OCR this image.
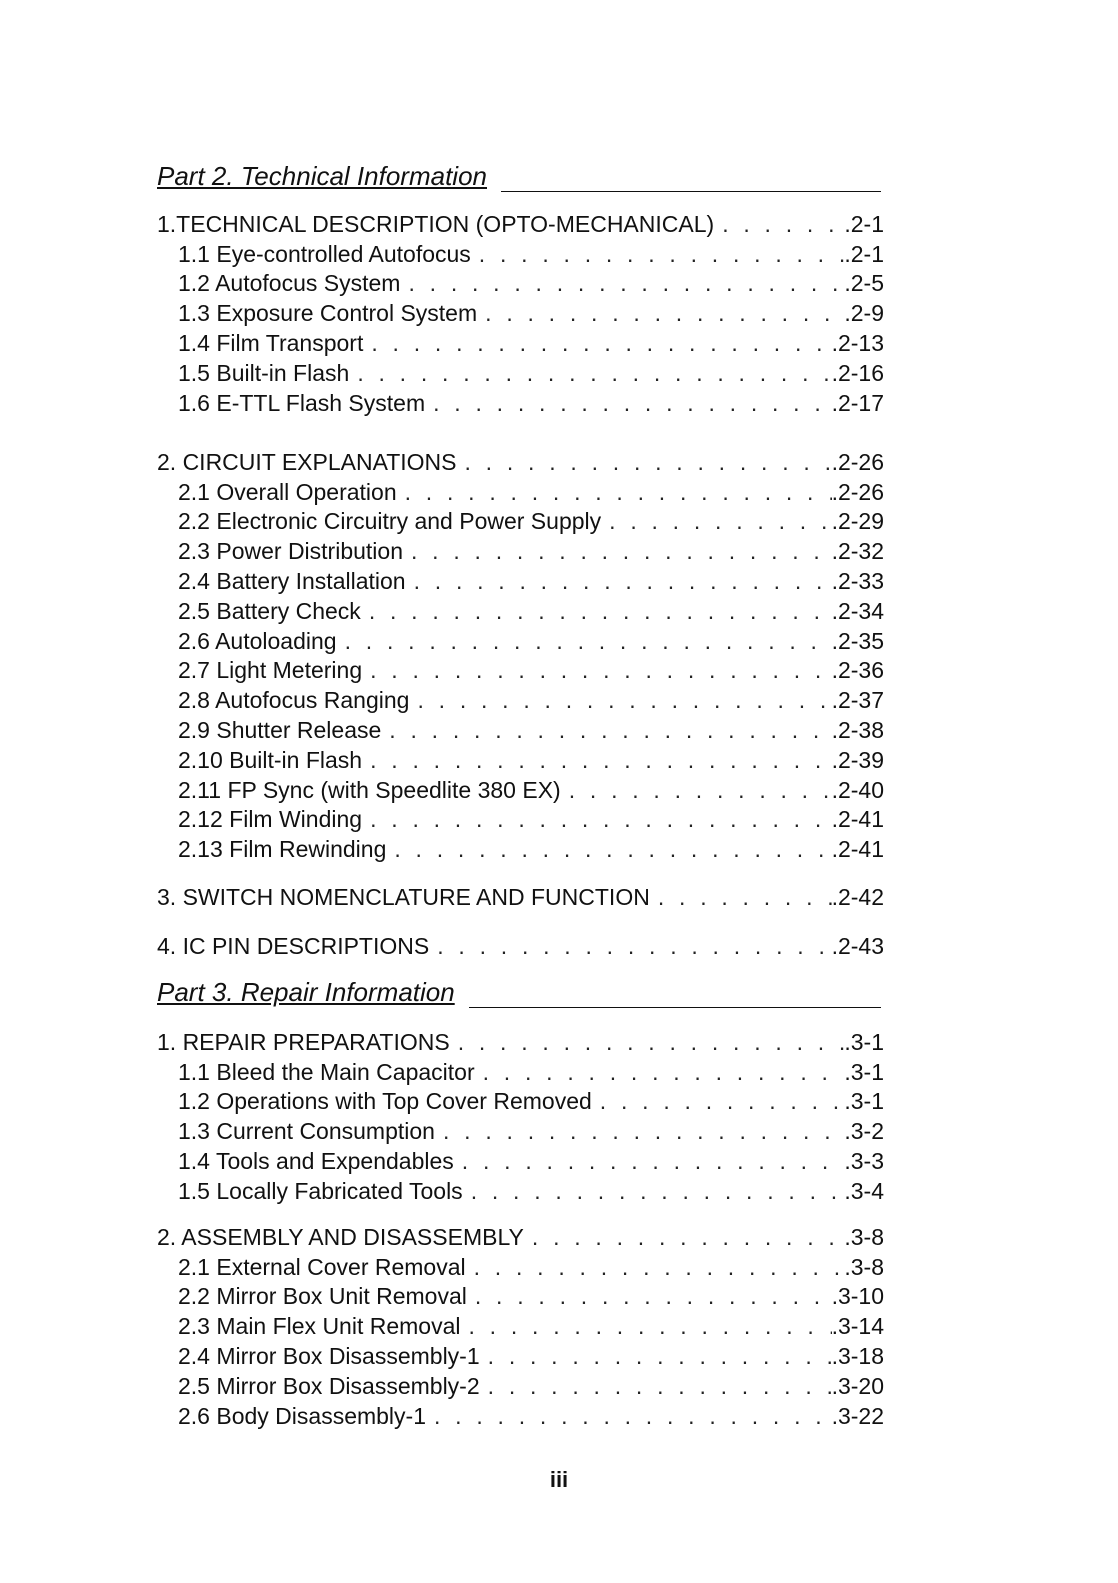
Part 2. Technical Information
1.TECHNICAL DESCRIPTION (OPTO-MECHANICAL) . . .	.2-1
1.1 Eye-controlled Autofocus . . .	.2-1
1.2 Autofocus System . . .	.2-5
1.3 Exposure Control System . . .	.2-9
1.4 Film Transport . . .	.2-13
1.5 Built-in Flash . . .	.2-16
1.6 E-TTL Flash System . . .	.2-17
2. CIRCUIT EXPLANATIONS . . .	.2-26
2.1 Overall Operation . . .	.2-26
2.2 Electronic Circuitry and Power Supply . . .	.2-29
2.3 Power Distribution . . .	.2-32
2.4 Battery Installation . . .	.2-33
2.5 Battery Check . . .	.2-34
2.6 Autoloading . . .	.2-35
2.7 Light Metering . . .	.2-36
2.8 Autofocus Ranging . . .	.2-37
2.9 Shutter Release . . .	.2-38
2.10 Built-in Flash . . .	.2-39
2.11 FP Sync (with Speedlite 380 EX) . . .	.2-40
2.12 Film Winding . . .	.2-41
2.13 Film Rewinding . . .	.2-41
3. SWITCH NOMENCLATURE AND FUNCTION . . .	.2-42
4. IC PIN DESCRIPTIONS . . .	.2-43
Part 3. Repair Information
1. REPAIR PREPARATIONS . . .	.3-1
1.1 Bleed the Main Capacitor . . .	.3-1
1.2 Operations with Top Cover Removed . . .	.3-1
1.3 Current Consumption . . .	.3-2
1.4 Tools and Expendables . . .	.3-3
1.5 Locally Fabricated Tools . . .	.3-4
2. ASSEMBLY AND DISASSEMBLY . . .	.3-8
2.1 External Cover Removal . . .	.3-8
2.2 Mirror Box Unit Removal . . .	.3-10
2.3 Main Flex Unit Removal . . .	.3-14
2.4 Mirror Box Disassembly-1 . . .	.3-18
2.5 Mirror Box Disassembly-2 . . .	.3-20
2.6 Body Disassembly-1 . . .	.3-22
iii
